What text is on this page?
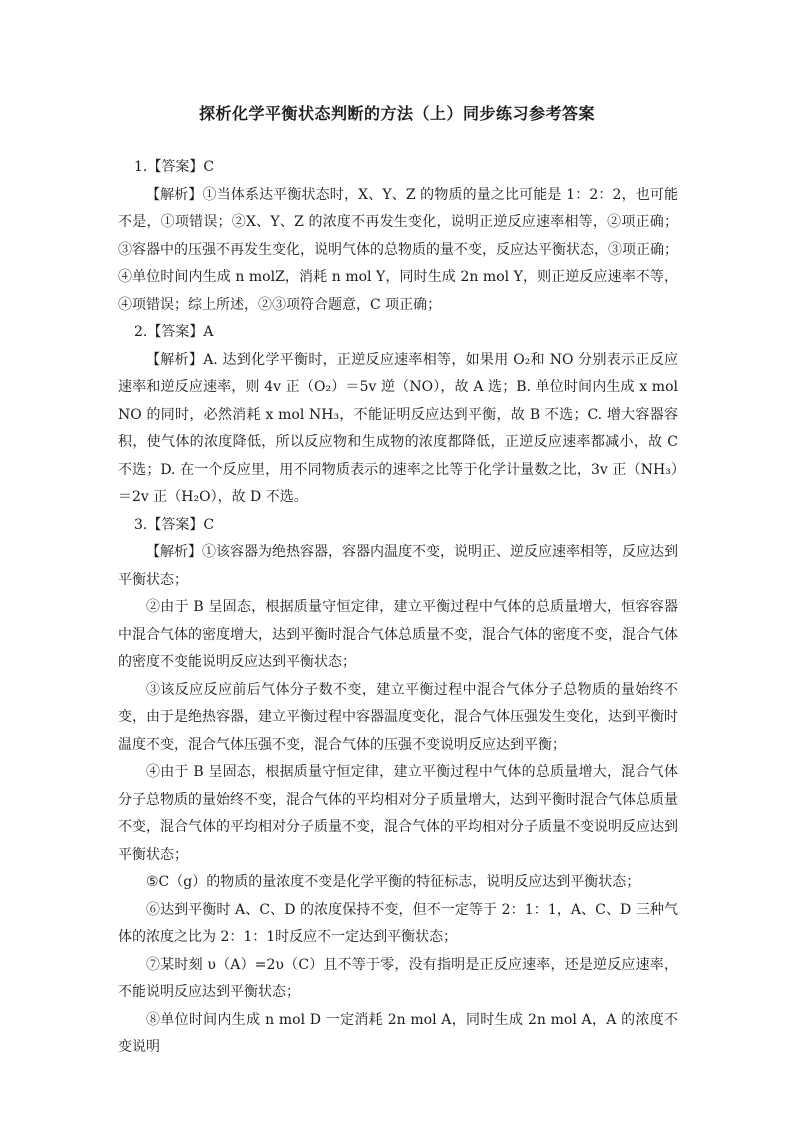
探析化学平衡状态判断的方法（上）同步练习参考答案

1.【答案】C

【解析】①当体系达平衡状态时，X、Y、Z 的物质的量之比可能是 1：2：2，也可能不是，①项错误；②X、Y、Z 的浓度不再发生变化，说明正逆反应速率相等，②项正确；③容器中的压强不再发生变化，说明气体的总物质的量不变，反应达平衡状态，③项正确；④单位时间内生成 n molZ，消耗 n mol Y，同时生成 2n mol Y，则正逆反应速率不等，④项错误；综上所述，②③项符合题意，C 项正确；

2.【答案】A

【解析】A. 达到化学平衡时，正逆反应速率相等，如果用 O₂和 NO 分别表示正反应速率和逆反应速率，则 4v 正（O₂）＝5v 逆（NO），故 A 选；B. 单位时间内生成 x mol NO 的同时，必然消耗 x mol NH₃，不能证明反应达到平衡，故 B 不选；C. 增大容器容积，使气体的浓度降低，所以反应物和生成物的浓度都降低，正逆反应速率都减小，故 C 不选；D. 在一个反应里，用不同物质表示的速率之比等于化学计量数之比，3v 正（NH₃）＝2v 正（H₂O），故 D 不选。

3.【答案】C

【解析】①该容器为绝热容器，容器内温度不变，说明正、逆反应速率相等，反应达到平衡状态；

②由于 B 呈固态，根据质量守恒定律，建立平衡过程中气体的总质量增大，恒容容器中混合气体的密度增大，达到平衡时混合气体总质量不变，混合气体的密度不变，混合气体的密度不变能说明反应达到平衡状态；

③该反应反应前后气体分子数不变，建立平衡过程中混合气体分子总物质的量始终不变，由于是绝热容器，建立平衡过程中容器温度变化，混合气体压强发生变化，达到平衡时温度不变，混合气体压强不变，混合气体的压强不变说明反应达到平衡；

④由于 B 呈固态，根据质量守恒定律，建立平衡过程中气体的总质量增大，混合气体分子总物质的量始终不变，混合气体的平均相对分子质量增大，达到平衡时混合气体总质量不变，混合气体的平均相对分子质量不变，混合气体的平均相对分子质量不变说明反应达到平衡状态；

⑤C（g）的物质的量浓度不变是化学平衡的特征标志，说明反应达到平衡状态；

⑥达到平衡时 A、C、D 的浓度保持不变，但不一定等于 2：1：1，A、C、D 三种气体的浓度之比为 2：1：1时反应不一定达到平衡状态；

⑦某时刻 υ（A）=2υ（C）且不等于零，没有指明是正反应速率，还是逆反应速率，不能说明反应达到平衡状态；

⑧单位时间内生成 n mol D 一定消耗 2n mol A，同时生成 2n mol A，A 的浓度不变说明
